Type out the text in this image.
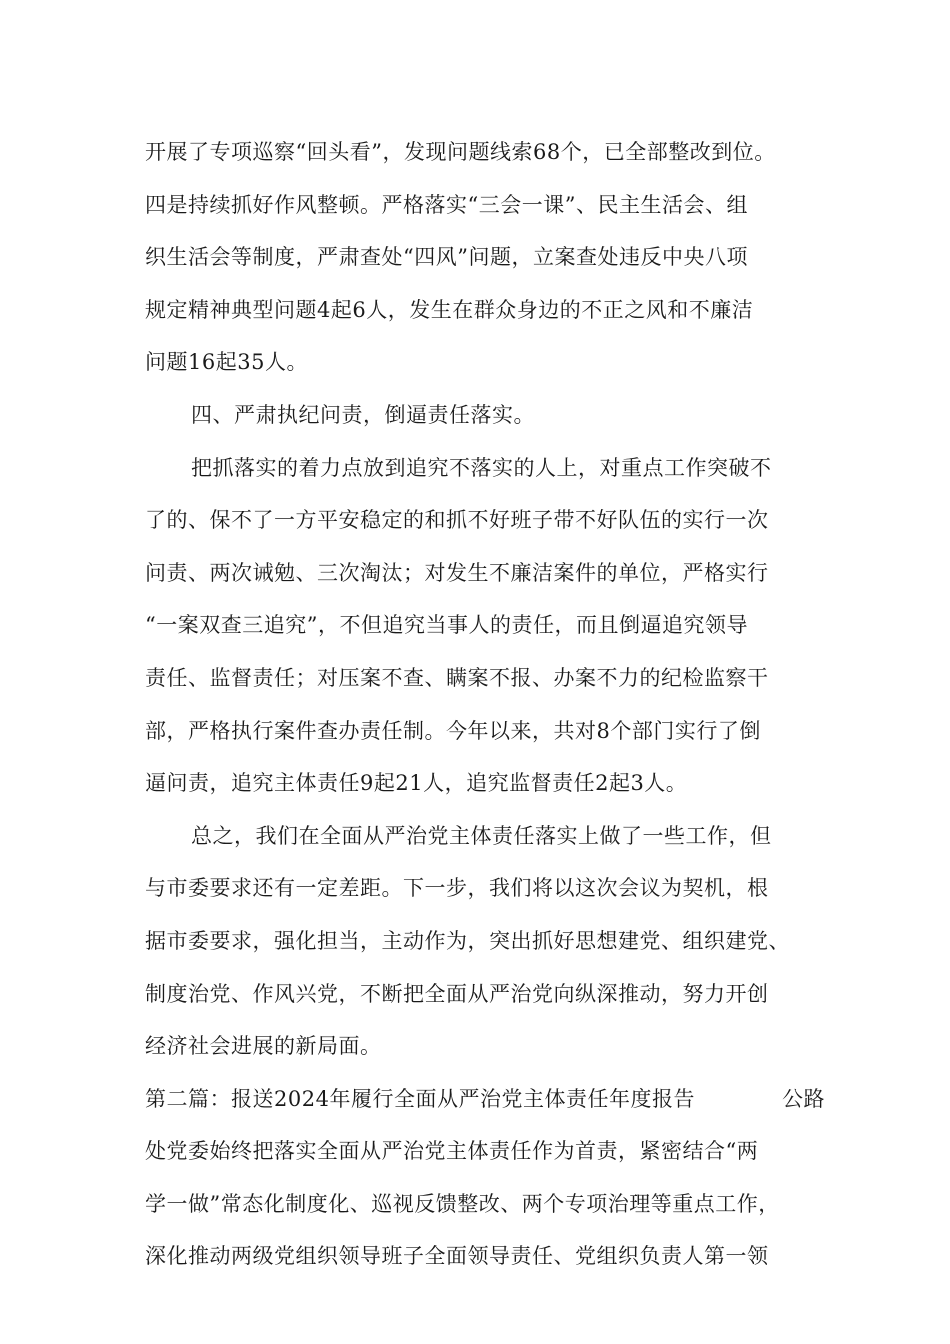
开展了专项巡察“回头看”，发现问题线索68个，已全部整改到位。
四是持续抓好作风整顿。严格落实“三会一课”、民主生活会、组
织生活会等制度，严肃查处“四风”问题，立案查处违反中央八项
规定精神典型问题4起6人，发生在群众身边的不正之风和不廉洁
问题16起35人。
四、严肃执纪问责，倒逼责任落实。
把抓落实的着力点放到追究不落实的人上，对重点工作突破不
了的、保不了一方平安稳定的和抓不好班子带不好队伍的实行一次
问责、两次诫勉、三次淘汰；对发生不廉洁案件的单位，严格实行
“一案双查三追究”，不但追究当事人的责任，而且倒逼追究领导
责任、监督责任；对压案不查、瞒案不报、办案不力的纪检监察干
部，严格执行案件查办责任制。今年以来，共对8个部门实行了倒
逼问责，追究主体责任9起21人，追究监督责任2起3人。
总之，我们在全面从严治党主体责任落实上做了一些工作，但
与市委要求还有一定差距。下一步，我们将以这次会议为契机，根
据市委要求，强化担当，主动作为，突出抓好思想建党、组织建党、
制度治党、作风兴党，不断把全面从严治党向纵深推动，努力开创
经济社会进展的新局面。
第二篇：报送2024年履行全面从严治党主体责任年度报告	公路
处党委始终把落实全面从严治党主体责任作为首责，紧密结合“两
学一做”常态化制度化、巡视反馈整改、两个专项治理等重点工作，
深化推动两级党组织领导班子全面领导责任、党组织负责人第一领
